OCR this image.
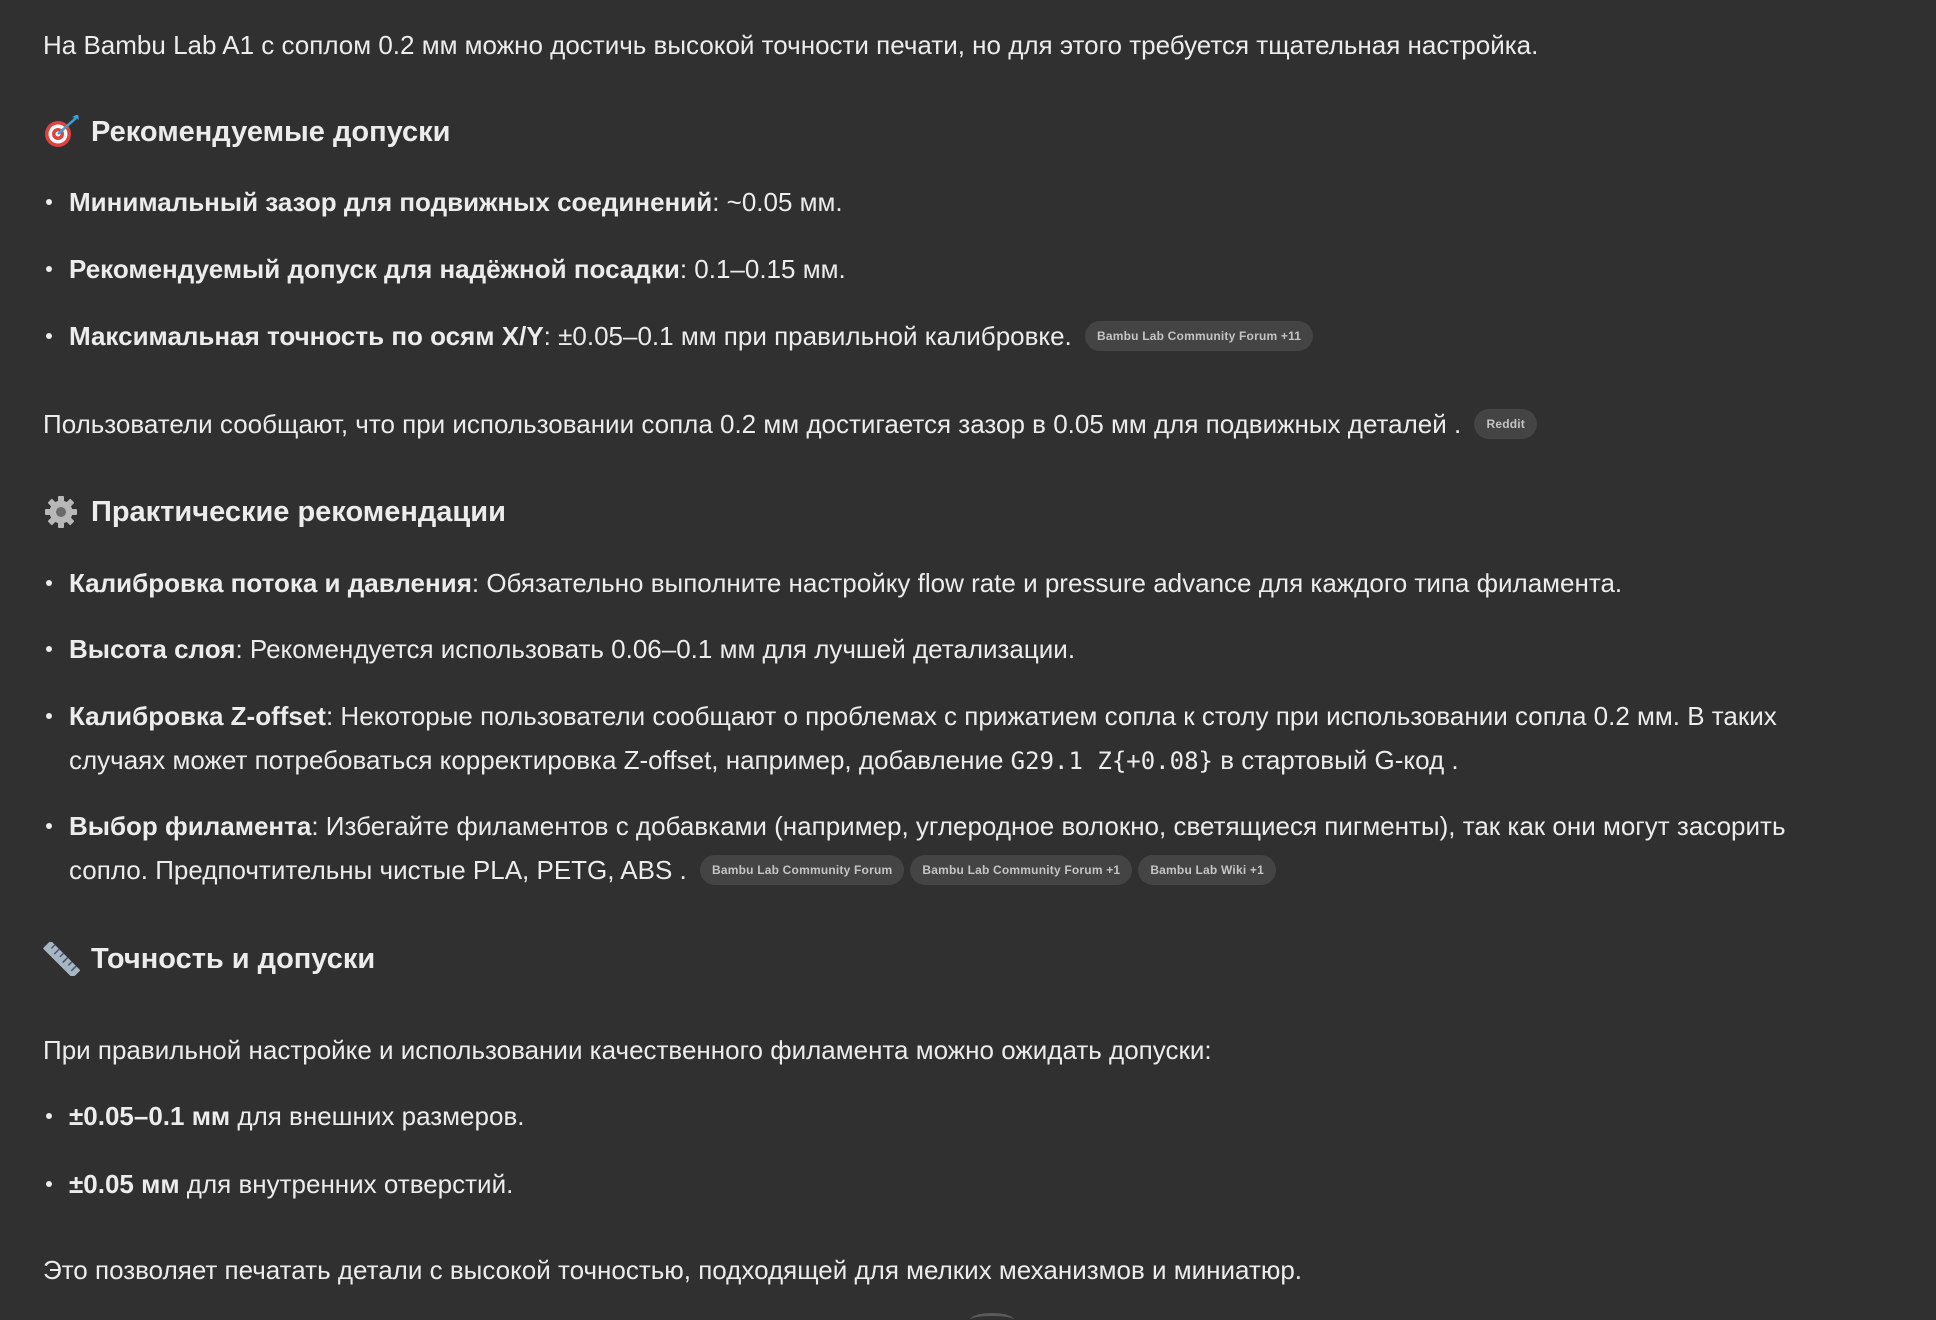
На Bambu Lab A1 с соплом 0.2 мм можно достичь высокой точности печати, но для этого требуется тщательная настройка.
Рекомендуемые допуски
Минимальный зазор для подвижных соединений: ~0.05 мм.
Рекомендуемый допуск для надёжной посадки: 0.1–0.15 мм.
Максимальная точность по осям X/Y: ±0.05–0.1 мм при правильной калибровке. Bambu Lab Community Forum +11
Пользователи сообщают, что при использовании сопла 0.2 мм достигается зазор в 0.05 мм для подвижных деталей . Reddit
Практические рекомендации
Калибровка потока и давления: Обязательно выполните настройку flow rate и pressure advance для каждого типа филамента.
Высота слоя: Рекомендуется использовать 0.06–0.1 мм для лучшей детализации.
Калибровка Z-offset: Некоторые пользователи сообщают о проблемах с прижатием сопла к столу при использовании сопла 0.2 мм. В таких
случаях может потребоваться корректировка Z-offset, например, добавление G29.1 Z{+0.08} в стартовый G-код .
Выбор филамента: Избегайте филаментов с добавками (например, углеродное волокно, светящиеся пигменты), так как они могут засорить
сопло. Предпочтительны чистые PLA, PETG, ABS . Bambu Lab Community Forum	Bambu Lab Community Forum +1	Bambu Lab Wiki +1
Точность и допуски
При правильной настройке и использовании качественного филамента можно ожидать допуски:
±0.05–0.1 мм для внешних размеров.
±0.05 мм для внутренних отверстий.
Это позволяет печатать детали с высокой точностью, подходящей для мелких механизмов и миниатюр.
